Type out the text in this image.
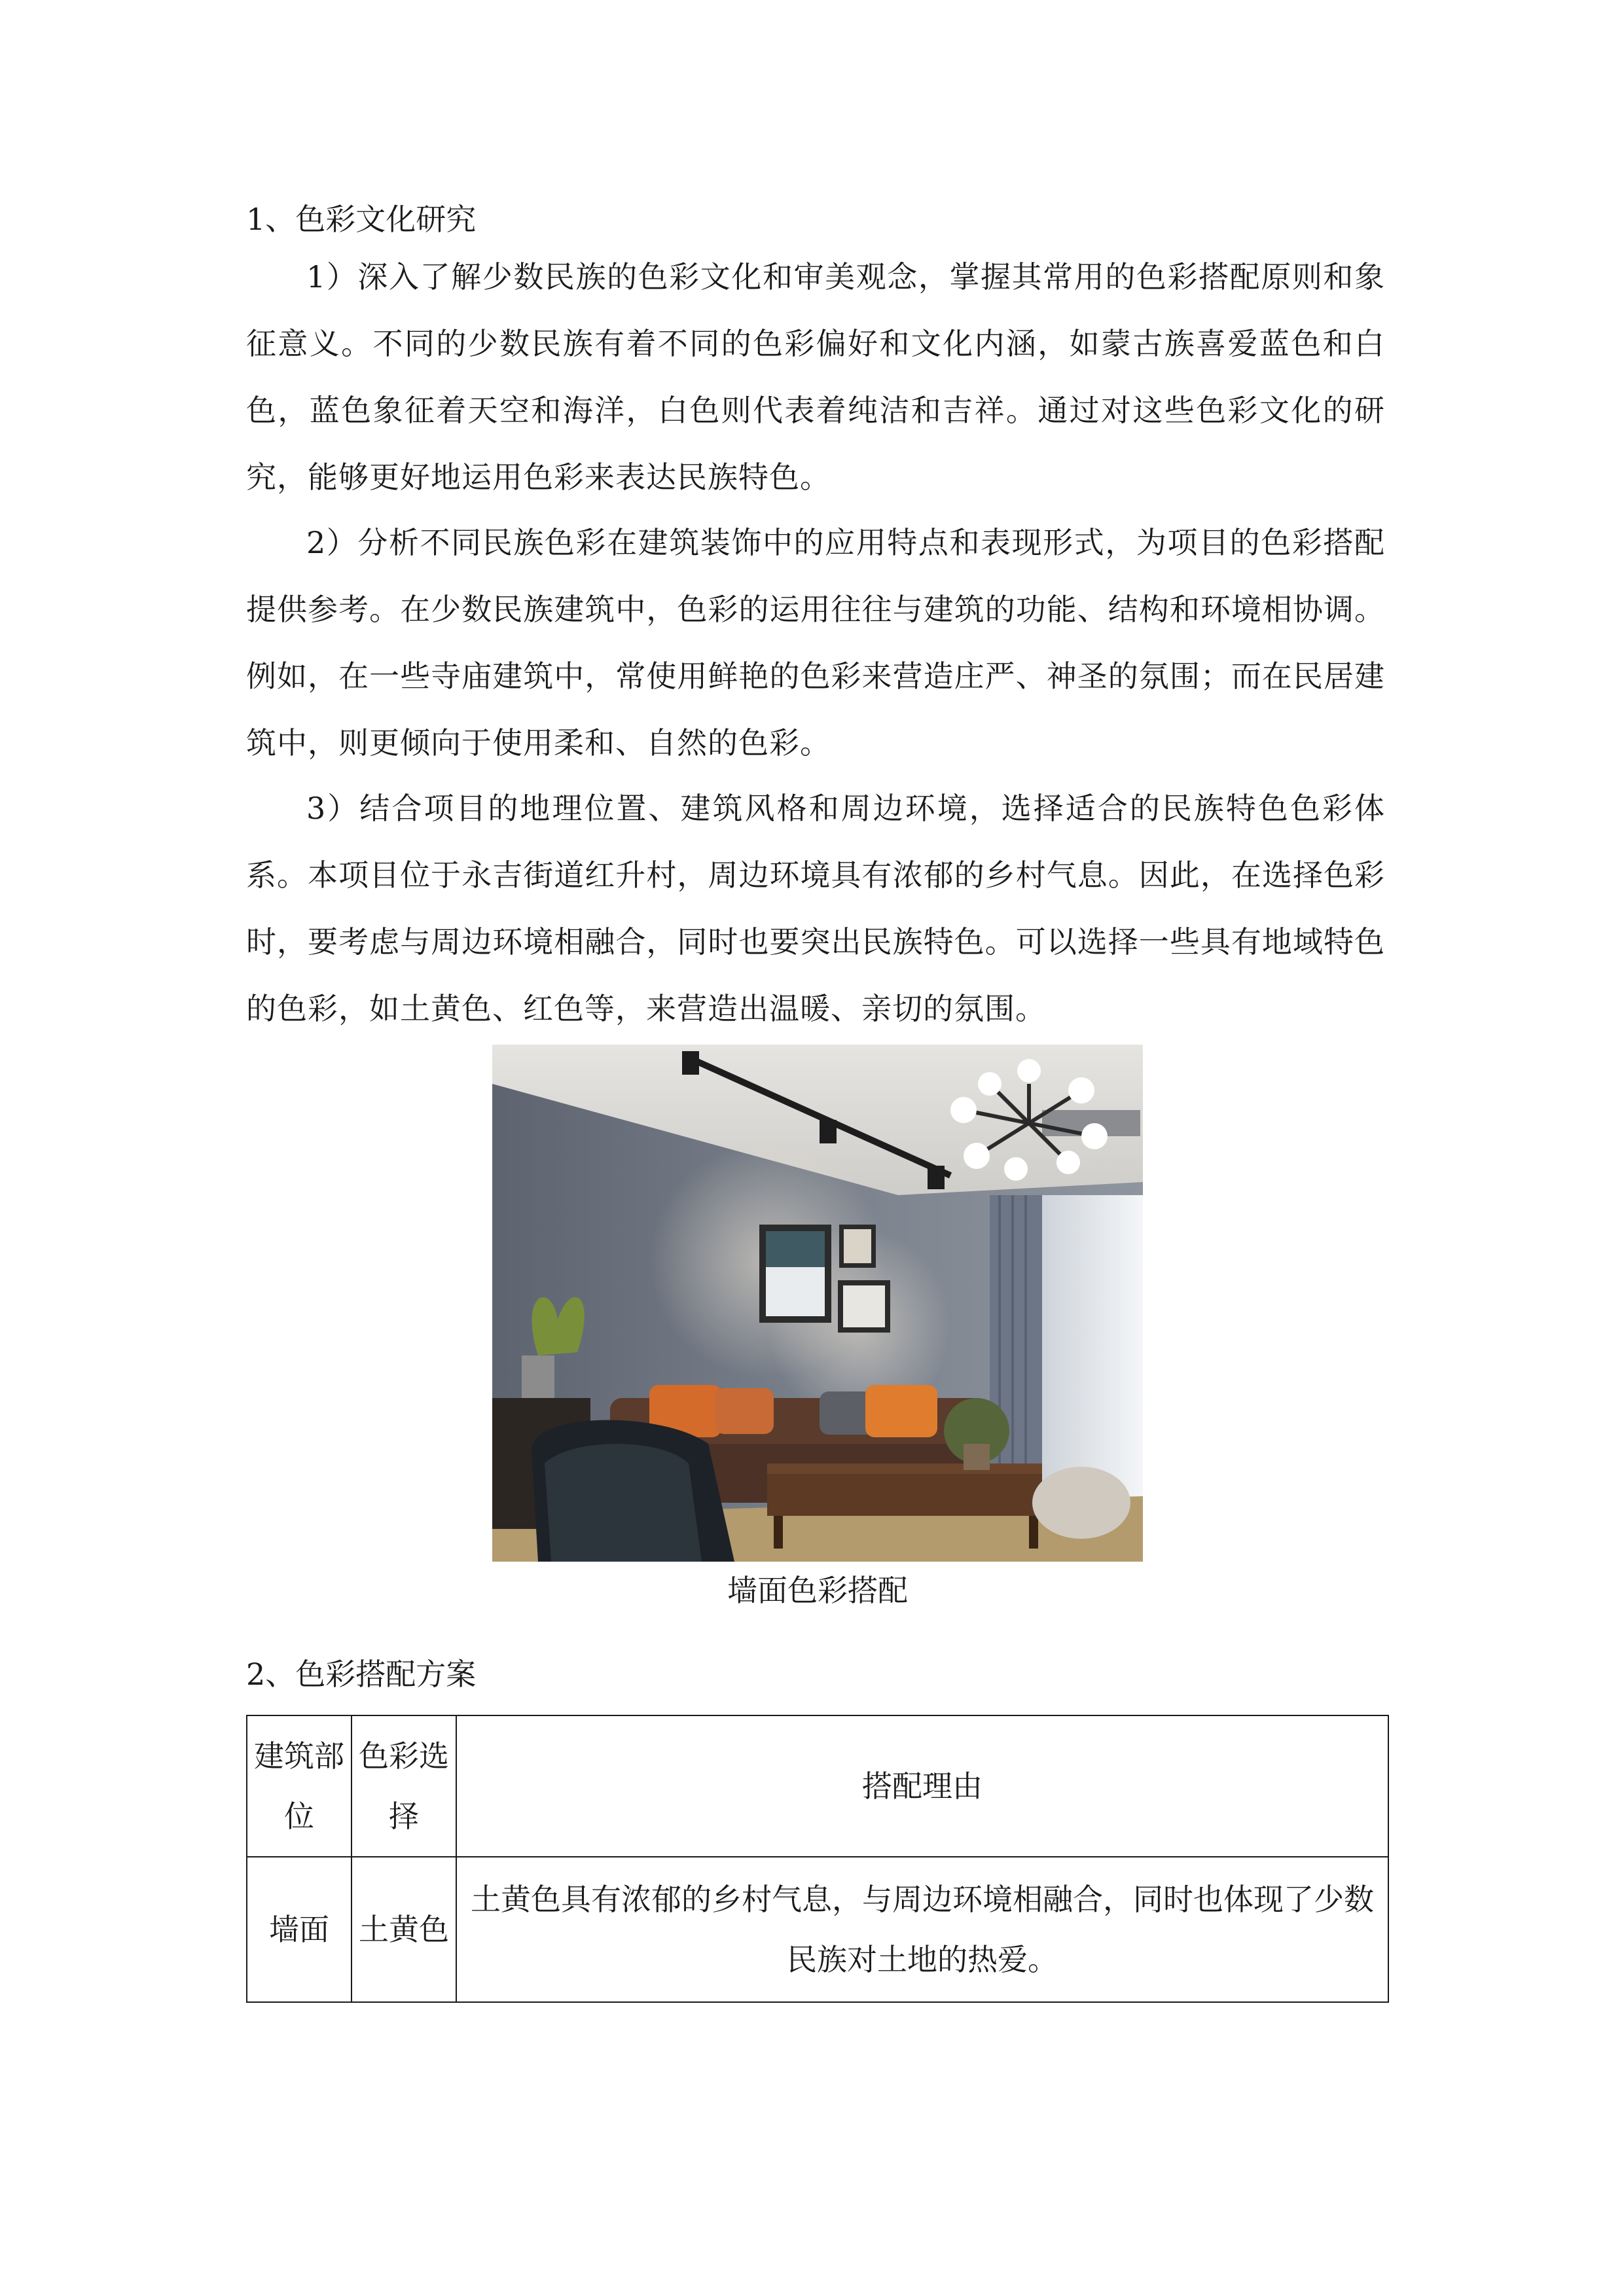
1、色彩文化研究

1）深入了解少数民族的色彩文化和审美观念，掌握其常用的色彩搭配原则和象征意义。不同的少数民族有着不同的色彩偏好和文化内涵，如蒙古族喜爱蓝色和白色，蓝色象征着天空和海洋，白色则代表着纯洁和吉祥。通过对这些色彩文化的研究，能够更好地运用色彩来表达民族特色。

2）分析不同民族色彩在建筑装饰中的应用特点和表现形式，为项目的色彩搭配提供参考。在少数民族建筑中，色彩的运用往往与建筑的功能、结构和环境相协调。例如，在一些寺庙建筑中，常使用鲜艳的色彩来营造庄严、神圣的氛围；而在民居建筑中，则更倾向于使用柔和、自然的色彩。

3）结合项目的地理位置、建筑风格和周边环境，选择适合的民族特色色彩体系。本项目位于永吉街道红升村，周边环境具有浓郁的乡村气息。因此，在选择色彩时，要考虑与周边环境相融合，同时也要突出民族特色。可以选择一些具有地域特色的色彩，如土黄色、红色等，来营造出温暖、亲切的氛围。

墙面色彩搭配
2、色彩搭配方案
建筑部位	色彩选择	搭配理由
墙面	土黄色	土黄色具有浓郁的乡村气息，与周边环境相融合，同时也体现了少数民族对土地的热爱。
